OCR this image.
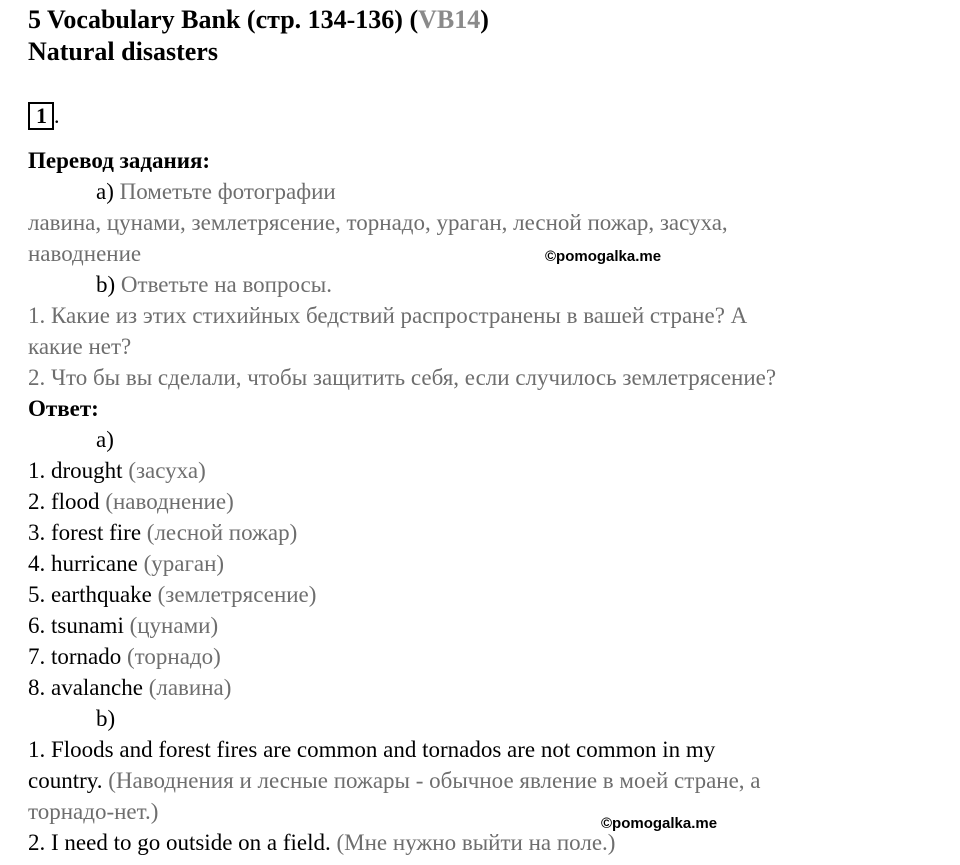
5 Vocabulary Bank (стр. 134-136) (VB14)
Natural disasters
1 .
Перевод задания:
a) Пометьте фотографии
лавина, цунами, землетрясение, торнадо, ураган, лесной пожар, засуха,
наводнение
b) Ответьте на вопросы.
1. Какие из этих стихийных бедствий распространены в вашей стране? А
какие нет?
2. Что бы вы сделали, чтобы защитить себя, если случилось землетрясение?
Ответ:
a)
1. drought (засуха)
2. flood (наводнение)
3. forest fire (лесной пожар)
4. hurricane (ураган)
5. earthquake (землетрясение)
6. tsunami (цунами)
7. tornado (торнадо)
8. avalanche (лавина)
b)
1. Floods and forest fires are common and tornados are not common in my
country. (Наводнения и лесные пожары - обычное явление в моей стране, а
торнадо-нет.)
2. I need to go outside on a field. (Мне нужно выйти на поле.)
©pomogalka.me
©pomogalka.me
